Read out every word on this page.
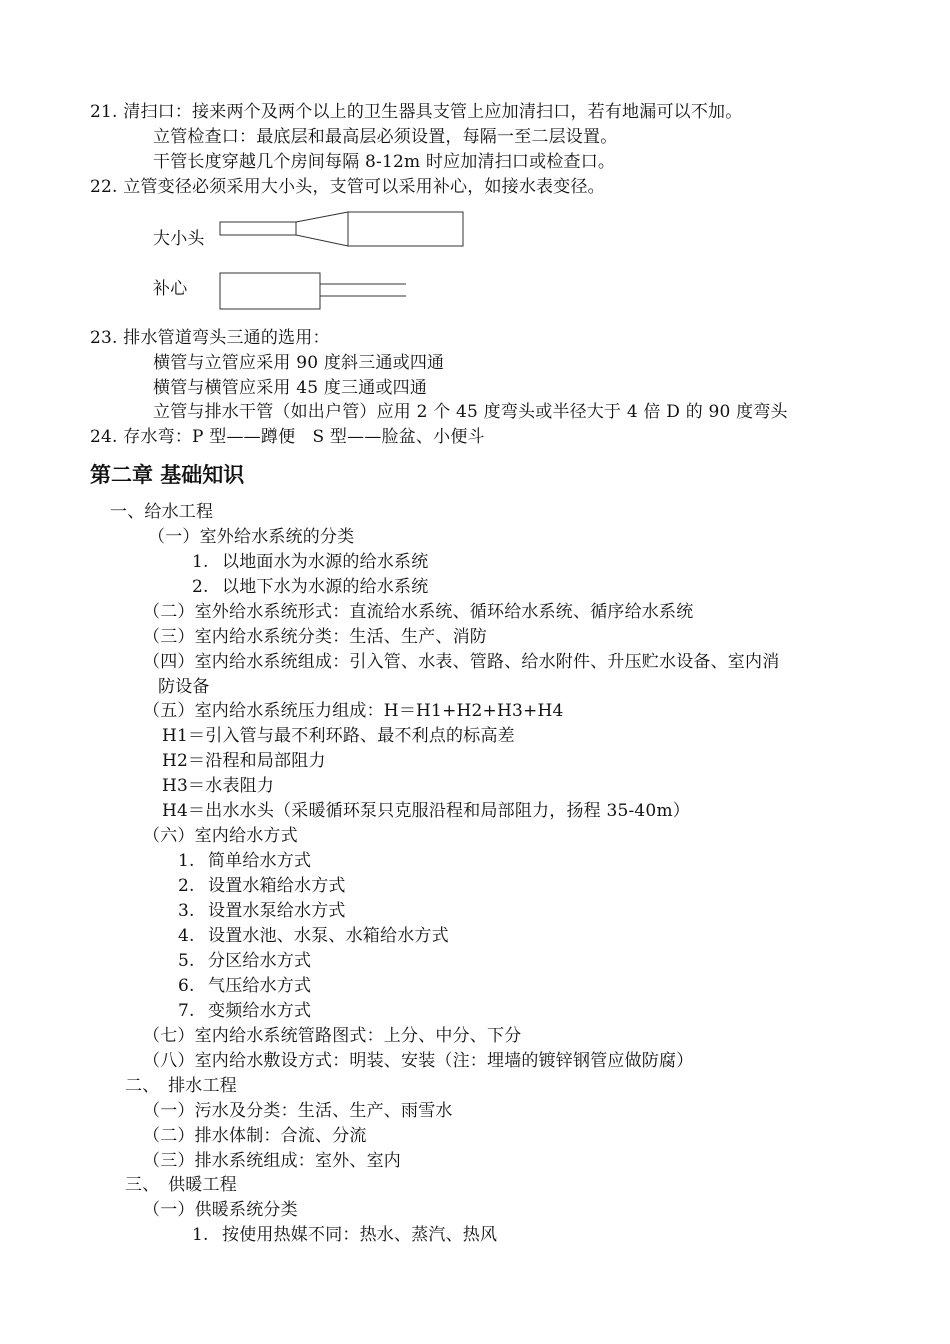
21. 清扫口：接来两个及两个以上的卫生器具支管上应加清扫口，若有地漏可以不加。
立管检查口：最底层和最高层必须设置，每隔一至二层设置。
干管长度穿越几个房间每隔 8-12m 时应加清扫口或检查口。
22. 立管变径必须采用大小头，支管可以采用补心，如接水表变径。
大小头
补心
23. 排水管道弯头三通的选用：
横管与立管应采用 90 度斜三通或四通
横管与横管应采用 45 度三通或四通
立管与排水干管（如出户管）应用 2 个 45 度弯头或半径大于 4 倍 D 的 90 度弯头
24. 存水弯：P 型——蹲便　S 型——脸盆、小便斗
第二章 基础知识
一、给水工程
（一）室外给水系统的分类
1. 以地面水为水源的给水系统
2. 以地下水为水源的给水系统
（二）室外给水系统形式：直流给水系统、循环给水系统、循序给水系统
（三）室内给水系统分类：生活、生产、消防
（四）室内给水系统组成：引入管、水表、管路、给水附件、升压贮水设备、室内消
防设备
（五）室内给水系统压力组成：H＝H1+H2+H3+H4
H1＝引入管与最不利环路、最不利点的标高差
H2＝沿程和局部阻力
H3＝水表阻力
H4＝出水水头（采暖循环泵只克服沿程和局部阻力，扬程 35-40m）
（六）室内给水方式
1. 简单给水方式
2. 设置水箱给水方式
3. 设置水泵给水方式
4. 设置水池、水泵、水箱给水方式
5. 分区给水方式
6. 气压给水方式
7. 变频给水方式
（七）室内给水系统管路图式：上分、中分、下分
（八）室内给水敷设方式：明装、安装（注：埋墙的镀锌钢管应做防腐）
二、　排水工程
（一）污水及分类：生活、生产、雨雪水
（二）排水体制：合流、分流
（三）排水系统组成：室外、室内
三、　供暖工程
（一）供暖系统分类
1. 按使用热媒不同：热水、蒸汽、热风
